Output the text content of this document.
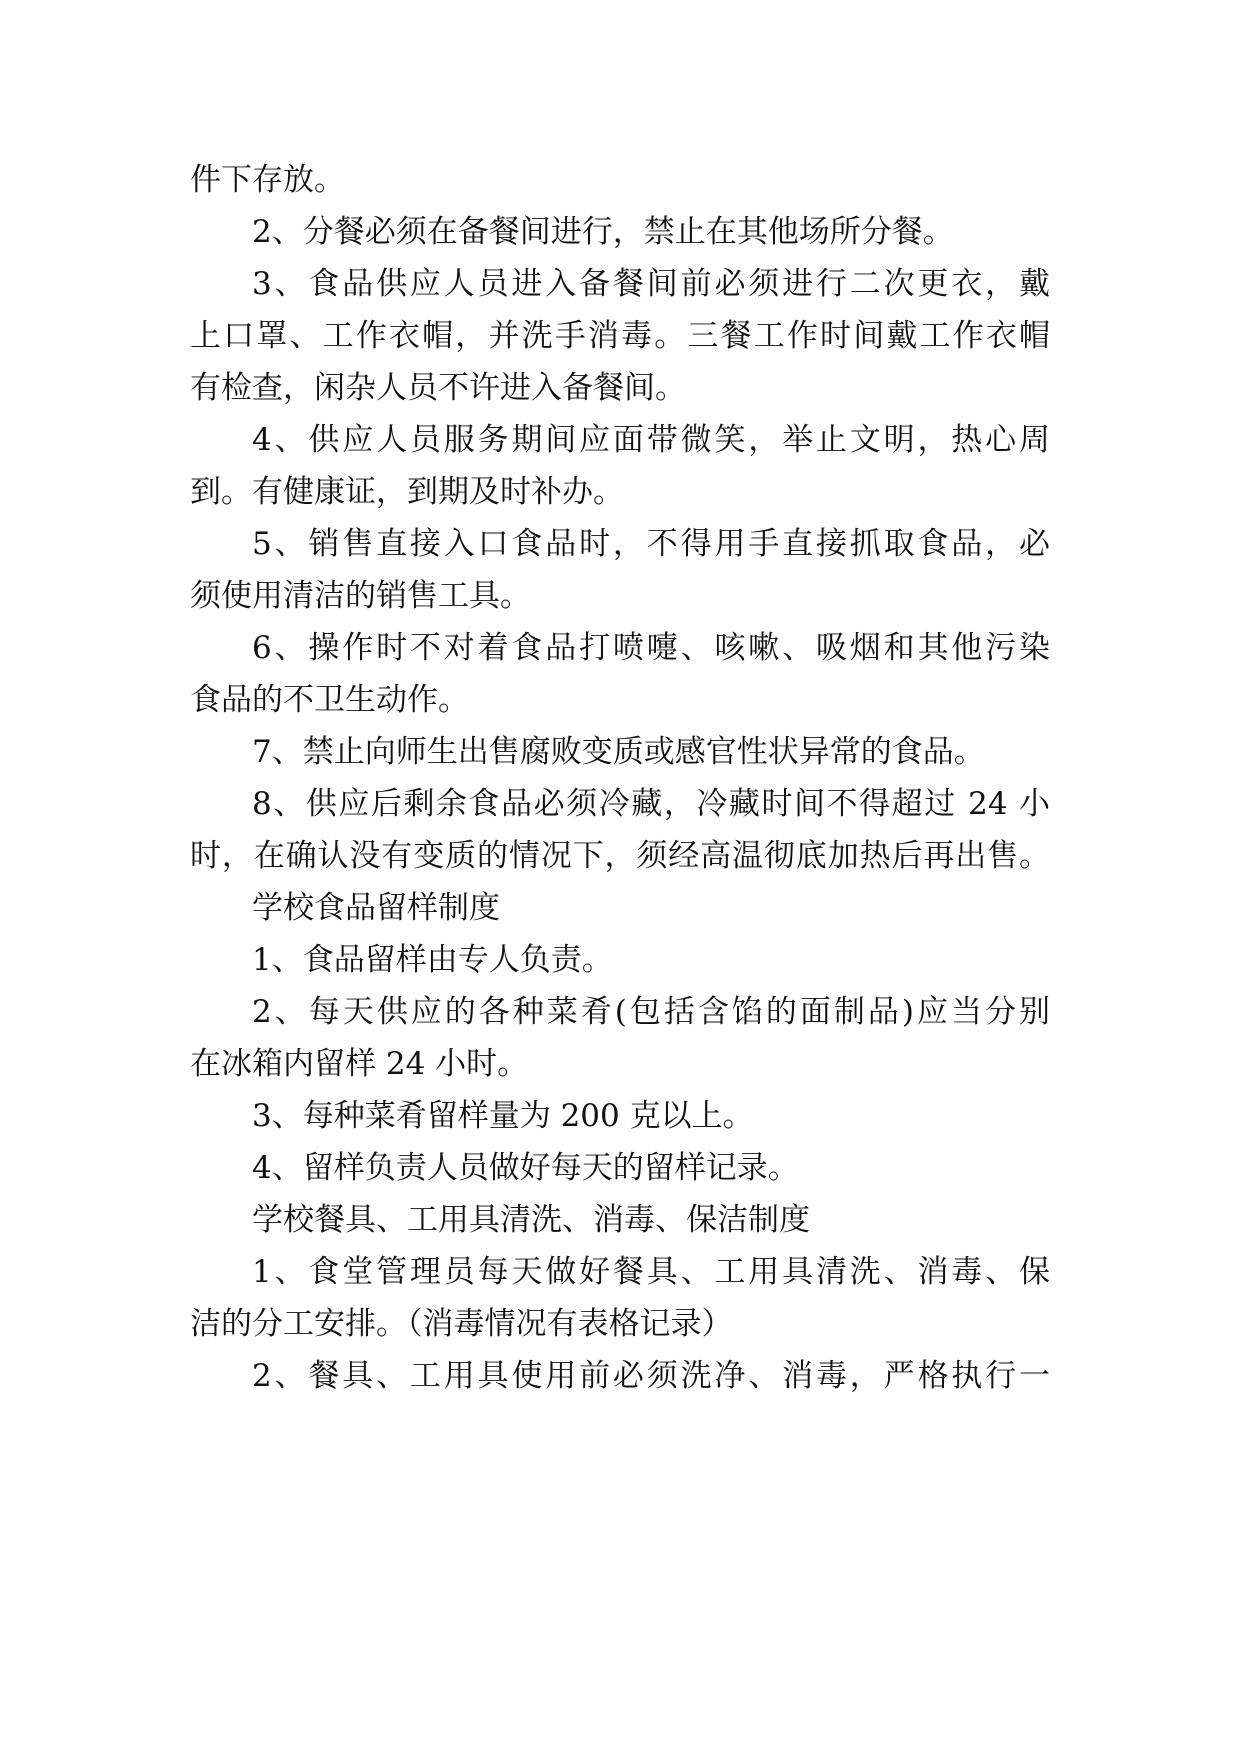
件下存放。
2、分餐必须在备餐间进行，禁止在其他场所分餐。
3、食品供应人员进入备餐间前必须进行二次更衣，戴
上口罩、工作衣帽，并洗手消毒。三餐工作时间戴工作衣帽
有检查，闲杂人员不许进入备餐间。
4、供应人员服务期间应面带微笑，举止文明，热心周
到。有健康证，到期及时补办。
5、销售直接入口食品时，不得用手直接抓取食品，必
须使用清洁的销售工具。
6、操作时不对着食品打喷嚏、咳嗽、吸烟和其他污染
食品的不卫生动作。
7、禁止向师生出售腐败变质或感官性状异常的食品。
8、供应后剩余食品必须冷藏，冷藏时间不得超过 24 小
时，在确认没有变质的情况下，须经高温彻底加热后再出售。
学校食品留样制度
1、食品留样由专人负责。
2、每天供应的各种菜肴(包括含馅的面制品)应当分别
在冰箱内留样 24 小时。
3、每种菜肴留样量为 200 克以上。
4、留样负责人员做好每天的留样记录。
学校餐具、工用具清洗、消毒、保洁制度
1、食堂管理员每天做好餐具、工用具清洗、消毒、保
洁的分工安排。（消毒情况有表格记录）
2、餐具、工用具使用前必须洗净、消毒，严格执行一
